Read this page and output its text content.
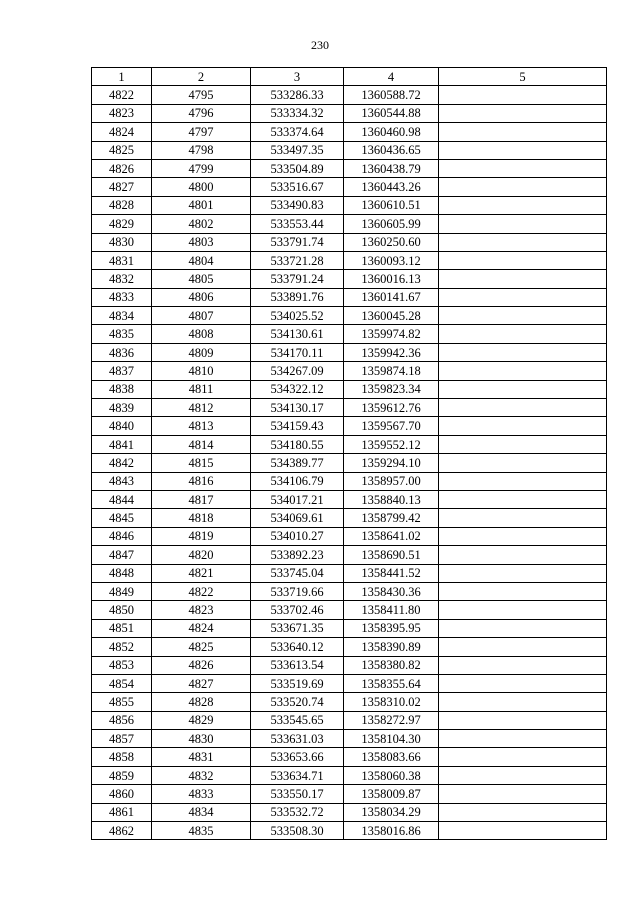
230
1	2	3	4	5
4822	4795	533286.33	1360588.72	
4823	4796	533334.32	1360544.88	
4824	4797	533374.64	1360460.98	
4825	4798	533497.35	1360436.65	
4826	4799	533504.89	1360438.79	
4827	4800	533516.67	1360443.26	
4828	4801	533490.83	1360610.51	
4829	4802	533553.44	1360605.99	
4830	4803	533791.74	1360250.60	
4831	4804	533721.28	1360093.12	
4832	4805	533791.24	1360016.13	
4833	4806	533891.76	1360141.67	
4834	4807	534025.52	1360045.28	
4835	4808	534130.61	1359974.82	
4836	4809	534170.11	1359942.36	
4837	4810	534267.09	1359874.18	
4838	4811	534322.12	1359823.34	
4839	4812	534130.17	1359612.76	
4840	4813	534159.43	1359567.70	
4841	4814	534180.55	1359552.12	
4842	4815	534389.77	1359294.10	
4843	4816	534106.79	1358957.00	
4844	4817	534017.21	1358840.13	
4845	4818	534069.61	1358799.42	
4846	4819	534010.27	1358641.02	
4847	4820	533892.23	1358690.51	
4848	4821	533745.04	1358441.52	
4849	4822	533719.66	1358430.36	
4850	4823	533702.46	1358411.80	
4851	4824	533671.35	1358395.95	
4852	4825	533640.12	1358390.89	
4853	4826	533613.54	1358380.82	
4854	4827	533519.69	1358355.64	
4855	4828	533520.74	1358310.02	
4856	4829	533545.65	1358272.97	
4857	4830	533631.03	1358104.30	
4858	4831	533653.66	1358083.66	
4859	4832	533634.71	1358060.38	
4860	4833	533550.17	1358009.87	
4861	4834	533532.72	1358034.29	
4862	4835	533508.30	1358016.86	
